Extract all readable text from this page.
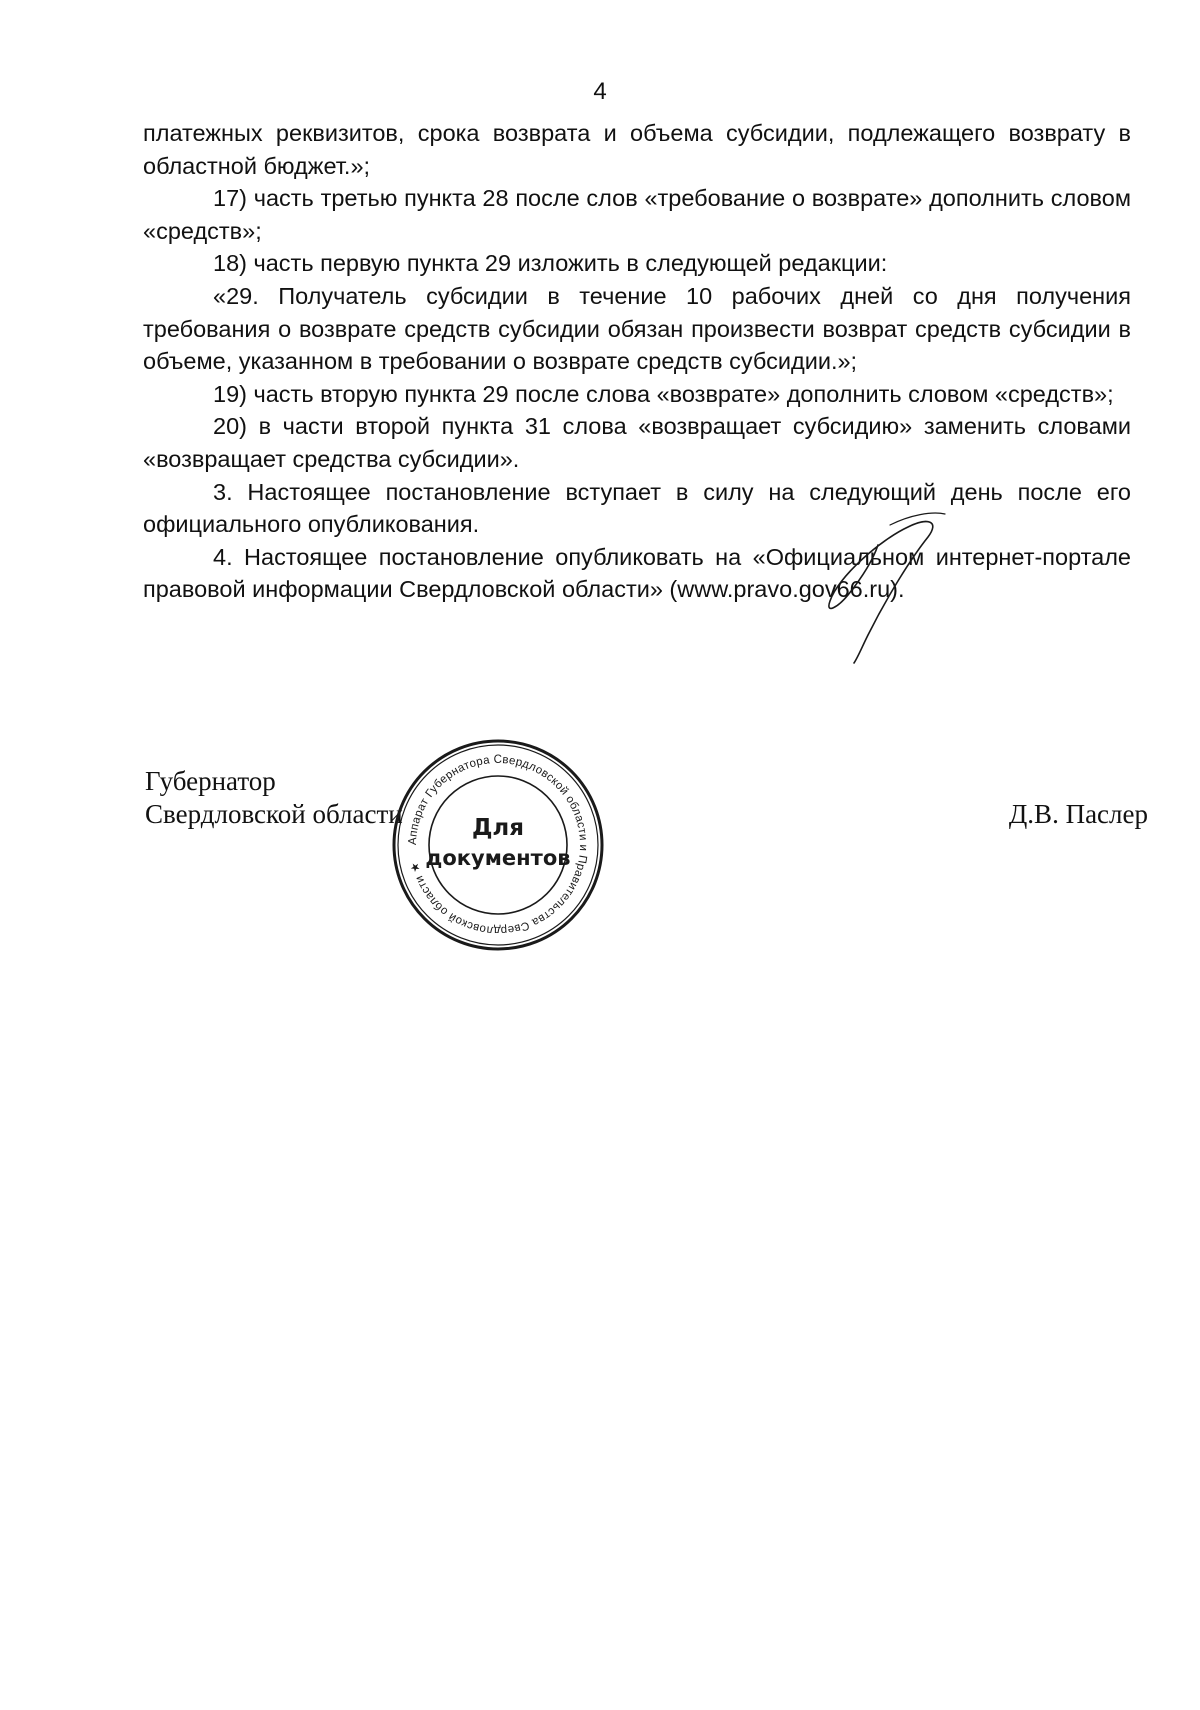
4

платежных реквизитов, срока возврата и объема субсидии, подлежащего возврату в областной бюджет.»;

17) часть третью пункта 28 после слов «требование о возврате» дополнить словом «средств»;

18) часть первую пункта 29 изложить в следующей редакции:

«29. Получатель субсидии в течение 10 рабочих дней со дня получения требования о возврате средств субсидии обязан произвести возврат средств субсидии в объеме, указанном в требовании о возврате средств субсидии.»;

19) часть вторую пункта 29 после слова «возврате» дополнить словом «средств»;

20) в части второй пункта 31 слова «возвращает субсидию» заменить словами «возвращает средства субсидии».

3. Настоящее постановление вступает в силу на следующий день после его официального опубликования.

4. Настоящее постановление опубликовать на «Официальном интернет-портале правовой информации Свердловской области» (www.pravo.gov66.ru).

Губернатор
Свердловской области	Д.В. Паслер
Аппарат Губернатора Свердловской области и Правительства Свердловской области ★
Для
документов
